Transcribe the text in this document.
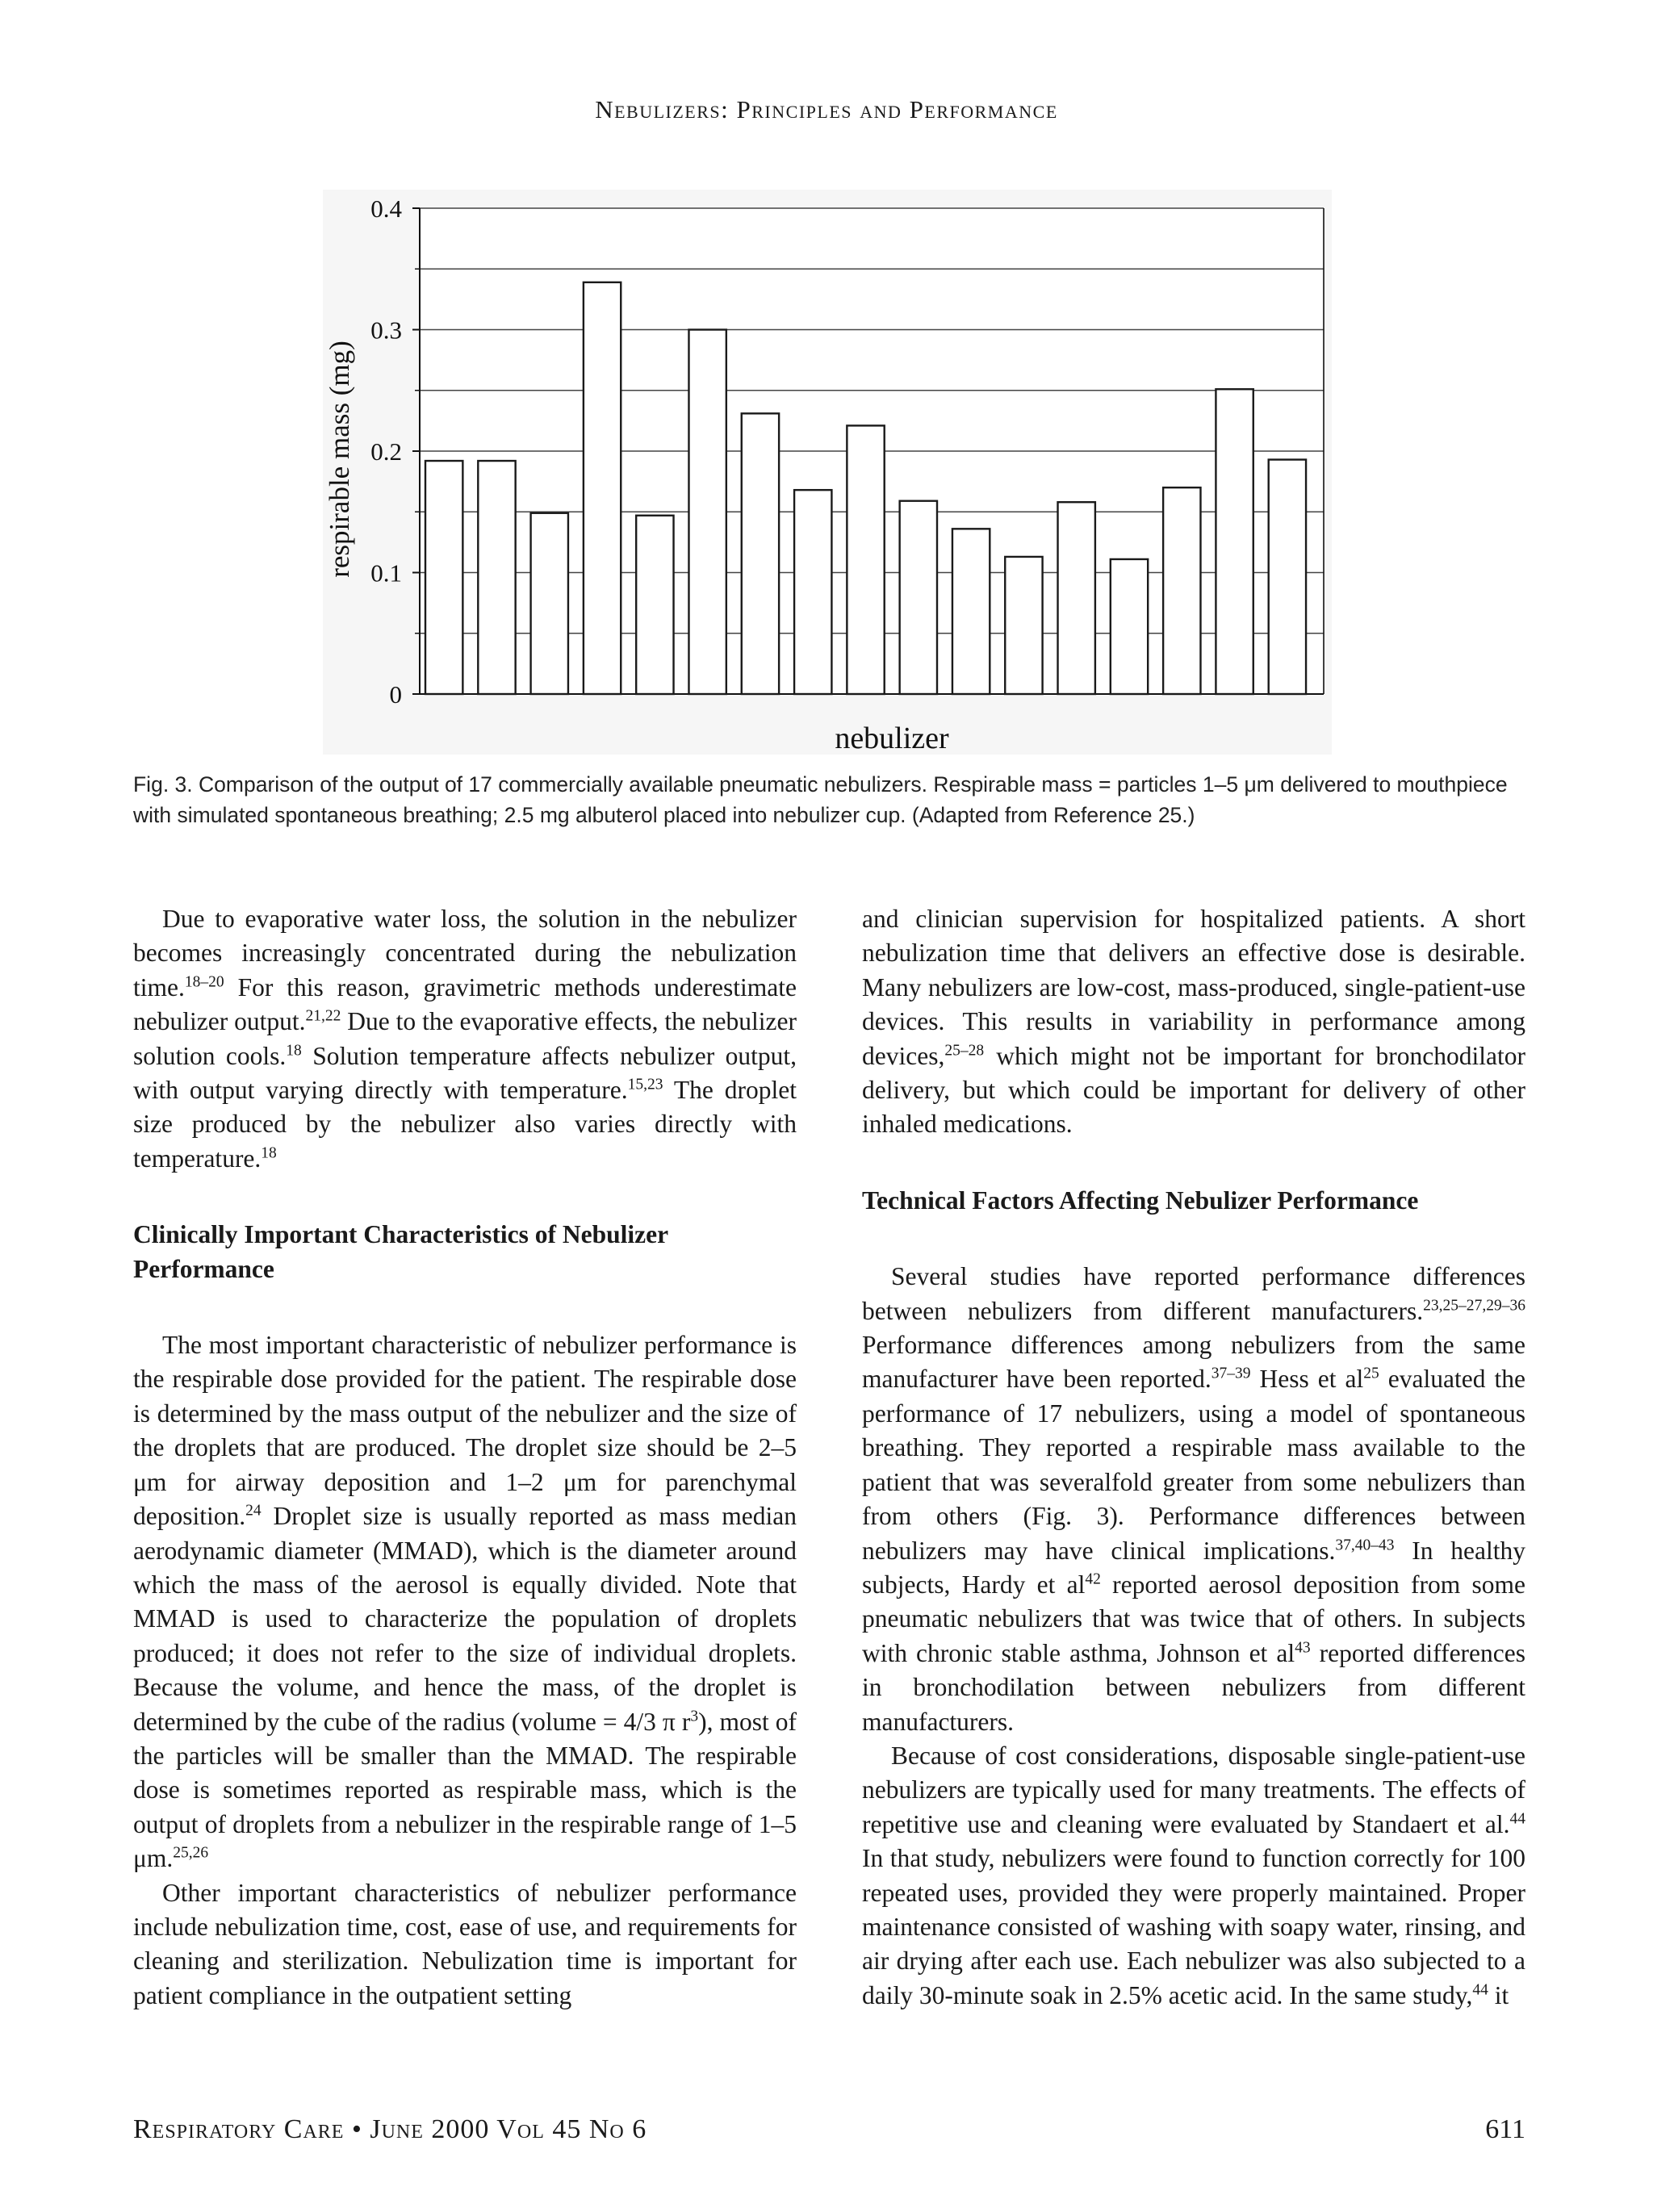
Nebulizers: Principles and Performance
0
0.1
0.2
0.3
0.4
respirable mass (mg)
nebulizer
Fig. 3. Comparison of the output of 17 commercially available pneumatic nebulizers. Respirable mass = particles 1–5 μm delivered to mouthpiece with simulated spontaneous breathing; 2.5 mg albuterol placed into nebulizer cup. (Adapted from Reference 25.)

Due to evaporative water loss, the solution in the nebulizer becomes increasingly concentrated during the nebulization time.$^{18-20}$ For this reason, gravimetric methods underestimate nebulizer output.$^{21,22}$ Due to the evaporative effects, the nebulizer solution cools.$^{18}$ Solution temperature affects nebulizer output, with output varying directly with temperature.$^{15,23}$ The droplet size produced by the nebulizer also varies directly with temperature.$^{18}$

Clinically Important Characteristics of Nebulizer Performance

The most important characteristic of nebulizer performance is the respirable dose provided for the patient. The respirable dose is determined by the mass output of the nebulizer and the size of the droplets that are produced. The droplet size should be 2–5 μm for airway deposition and 1–2 μm for parenchymal deposition.$^{24}$ Droplet size is usually reported as mass median aerodynamic diameter (MMAD), which is the diameter around which the mass of the aerosol is equally divided. Note that MMAD is used to characterize the population of droplets produced; it does not refer to the size of individual droplets. Because the volume, and hence the mass, of the droplet is determined by the cube of the radius (volume = 4/3 π $r^3$), most of the particles will be smaller than the MMAD. The respirable dose is sometimes reported as respirable mass, which is the output of droplets from a nebulizer in the respirable range of 1–5 μm.$^{25,26}$

Other important characteristics of nebulizer performance include nebulization time, cost, ease of use, and requirements for cleaning and sterilization. Nebulization time is important for patient compliance in the outpatient setting

and clinician supervision for hospitalized patients. A short nebulization time that delivers an effective dose is desirable. Many nebulizers are low-cost, mass-produced, single-patient-use devices. This results in variability in performance among devices,$^{25-28}$ which might not be important for bronchodilator delivery, but which could be important for delivery of other inhaled medications.

Technical Factors Affecting Nebulizer Performance

Several studies have reported performance differences between nebulizers from different manufacturers.$^{23,25-27,29-36}$ Performance differences among nebulizers from the same manufacturer have been reported.$^{37-39}$ Hess et $al^{25}$ evaluated the performance of 17 nebulizers, using a model of spontaneous breathing. They reported a respirable mass available to the patient that was severalfold greater from some nebulizers than from others (Fig. 3). Performance differences between nebulizers may have clinical implications.$^{37,40-43}$ In healthy subjects, Hardy et $al^{42}$ reported aerosol deposition from some pneumatic nebulizers that was twice that of others. In subjects with chronic stable asthma, Johnson et $al^{43}$ reported differences in bronchodilation between nebulizers from different manufacturers.

Because of cost considerations, disposable single-patient-use nebulizers are typically used for many treatments. The effects of repetitive use and cleaning were evaluated by Standaert et al.$^{44}$ In that study, nebulizers were found to function correctly for 100 repeated uses, provided they were properly maintained. Proper maintenance consisted of washing with soapy water, rinsing, and air drying after each use. Each nebulizer was also subjected to a daily 30-minute soak in 2.5% acetic acid. In the same study,$^{44}$ it

Respiratory Care • June 2000 Vol 45 No 6	611
